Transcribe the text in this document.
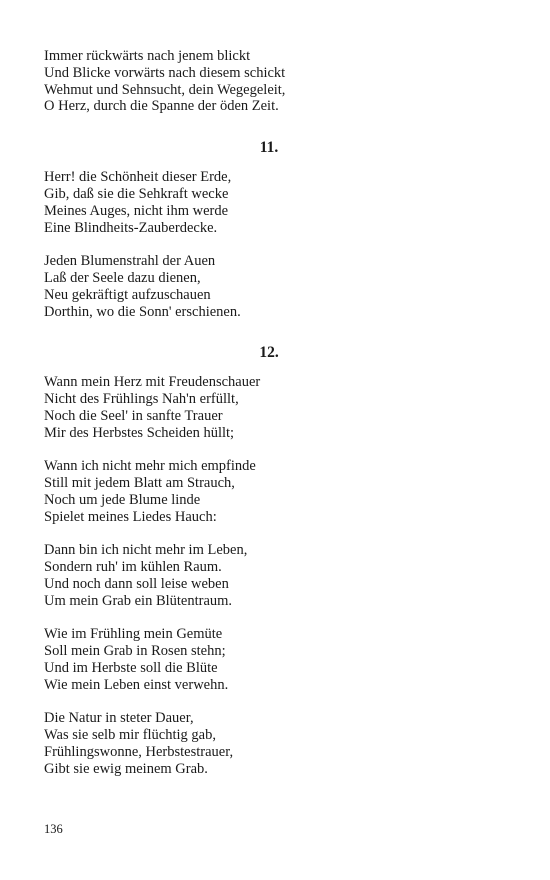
Immer rückwärts nach jenem blickt
Und Blicke vorwärts nach diesem schickt
Wehmut und Sehnsucht, dein Wegegeleit,
O Herz, durch die Spanne der öden Zeit.
11.
Herr! die Schönheit dieser Erde,
Gib, daß sie die Sehkraft wecke
Meines Auges, nicht ihm werde
Eine Blindheits-Zauberdecke.
Jeden Blumenstrahl der Auen
Laß der Seele dazu dienen,
Neu gekräftigt aufzuschauen
Dorthin, wo die Sonn' erschienen.
12.
Wann mein Herz mit Freudenschauer
Nicht des Frühlings Nah'n erfüllt,
Noch die Seel' in sanfte Trauer
Mir des Herbstes Scheiden hüllt;
Wann ich nicht mehr mich empfinde
Still mit jedem Blatt am Strauch,
Noch um jede Blume linde
Spielet meines Liedes Hauch:
Dann bin ich nicht mehr im Leben,
Sondern ruh' im kühlen Raum.
Und noch dann soll leise weben
Um mein Grab ein Blütentraum.
Wie im Frühling mein Gemüte
Soll mein Grab in Rosen stehn;
Und im Herbste soll die Blüte
Wie mein Leben einst verwehn.
Die Natur in steter Dauer,
Was sie selb mir flüchtig gab,
Frühlingswonne, Herbstestrauer,
Gibt sie ewig meinem Grab.
136
